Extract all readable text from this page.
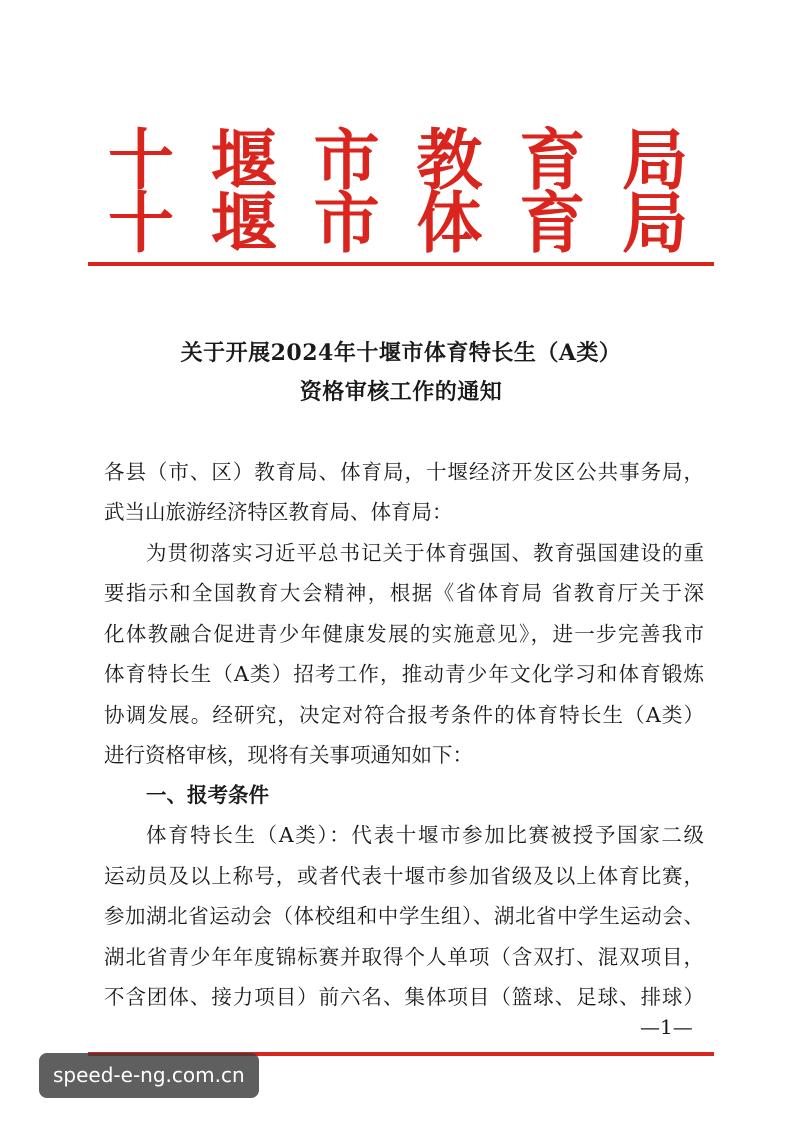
十 堰 市 教 育 局
十 堰 市 体 育 局
关于开展2024年十堰市体育特长生（A类）
资格审核工作的通知
各县（市、区）教育局、体育局，十堰经济开发区公共事务局，
武当山旅游经济特区教育局、体育局：
为贯彻落实习近平总书记关于体育强国、教育强国建设的重
要指示和全国教育大会精神，根据《省体育局 省教育厅关于深
化体教融合促进青少年健康发展的实施意见》，进一步完善我市
体育特长生（A类）招考工作，推动青少年文化学习和体育锻炼
协调发展。经研究，决定对符合报考条件的体育特长生（A类）
进行资格审核，现将有关事项通知如下：
一、报考条件
体育特长生（A类）：代表十堰市参加比赛被授予国家二级
运动员及以上称号，或者代表十堰市参加省级及以上体育比赛，
参加湖北省运动会（体校组和中学生组）、湖北省中学生运动会、
湖北省青少年年度锦标赛并取得个人单项（含双打、混双项目，
不含团体、接力项目）前六名、集体项目（篮球、足球、排球）
—1—
speed-e-ng.com.cn
